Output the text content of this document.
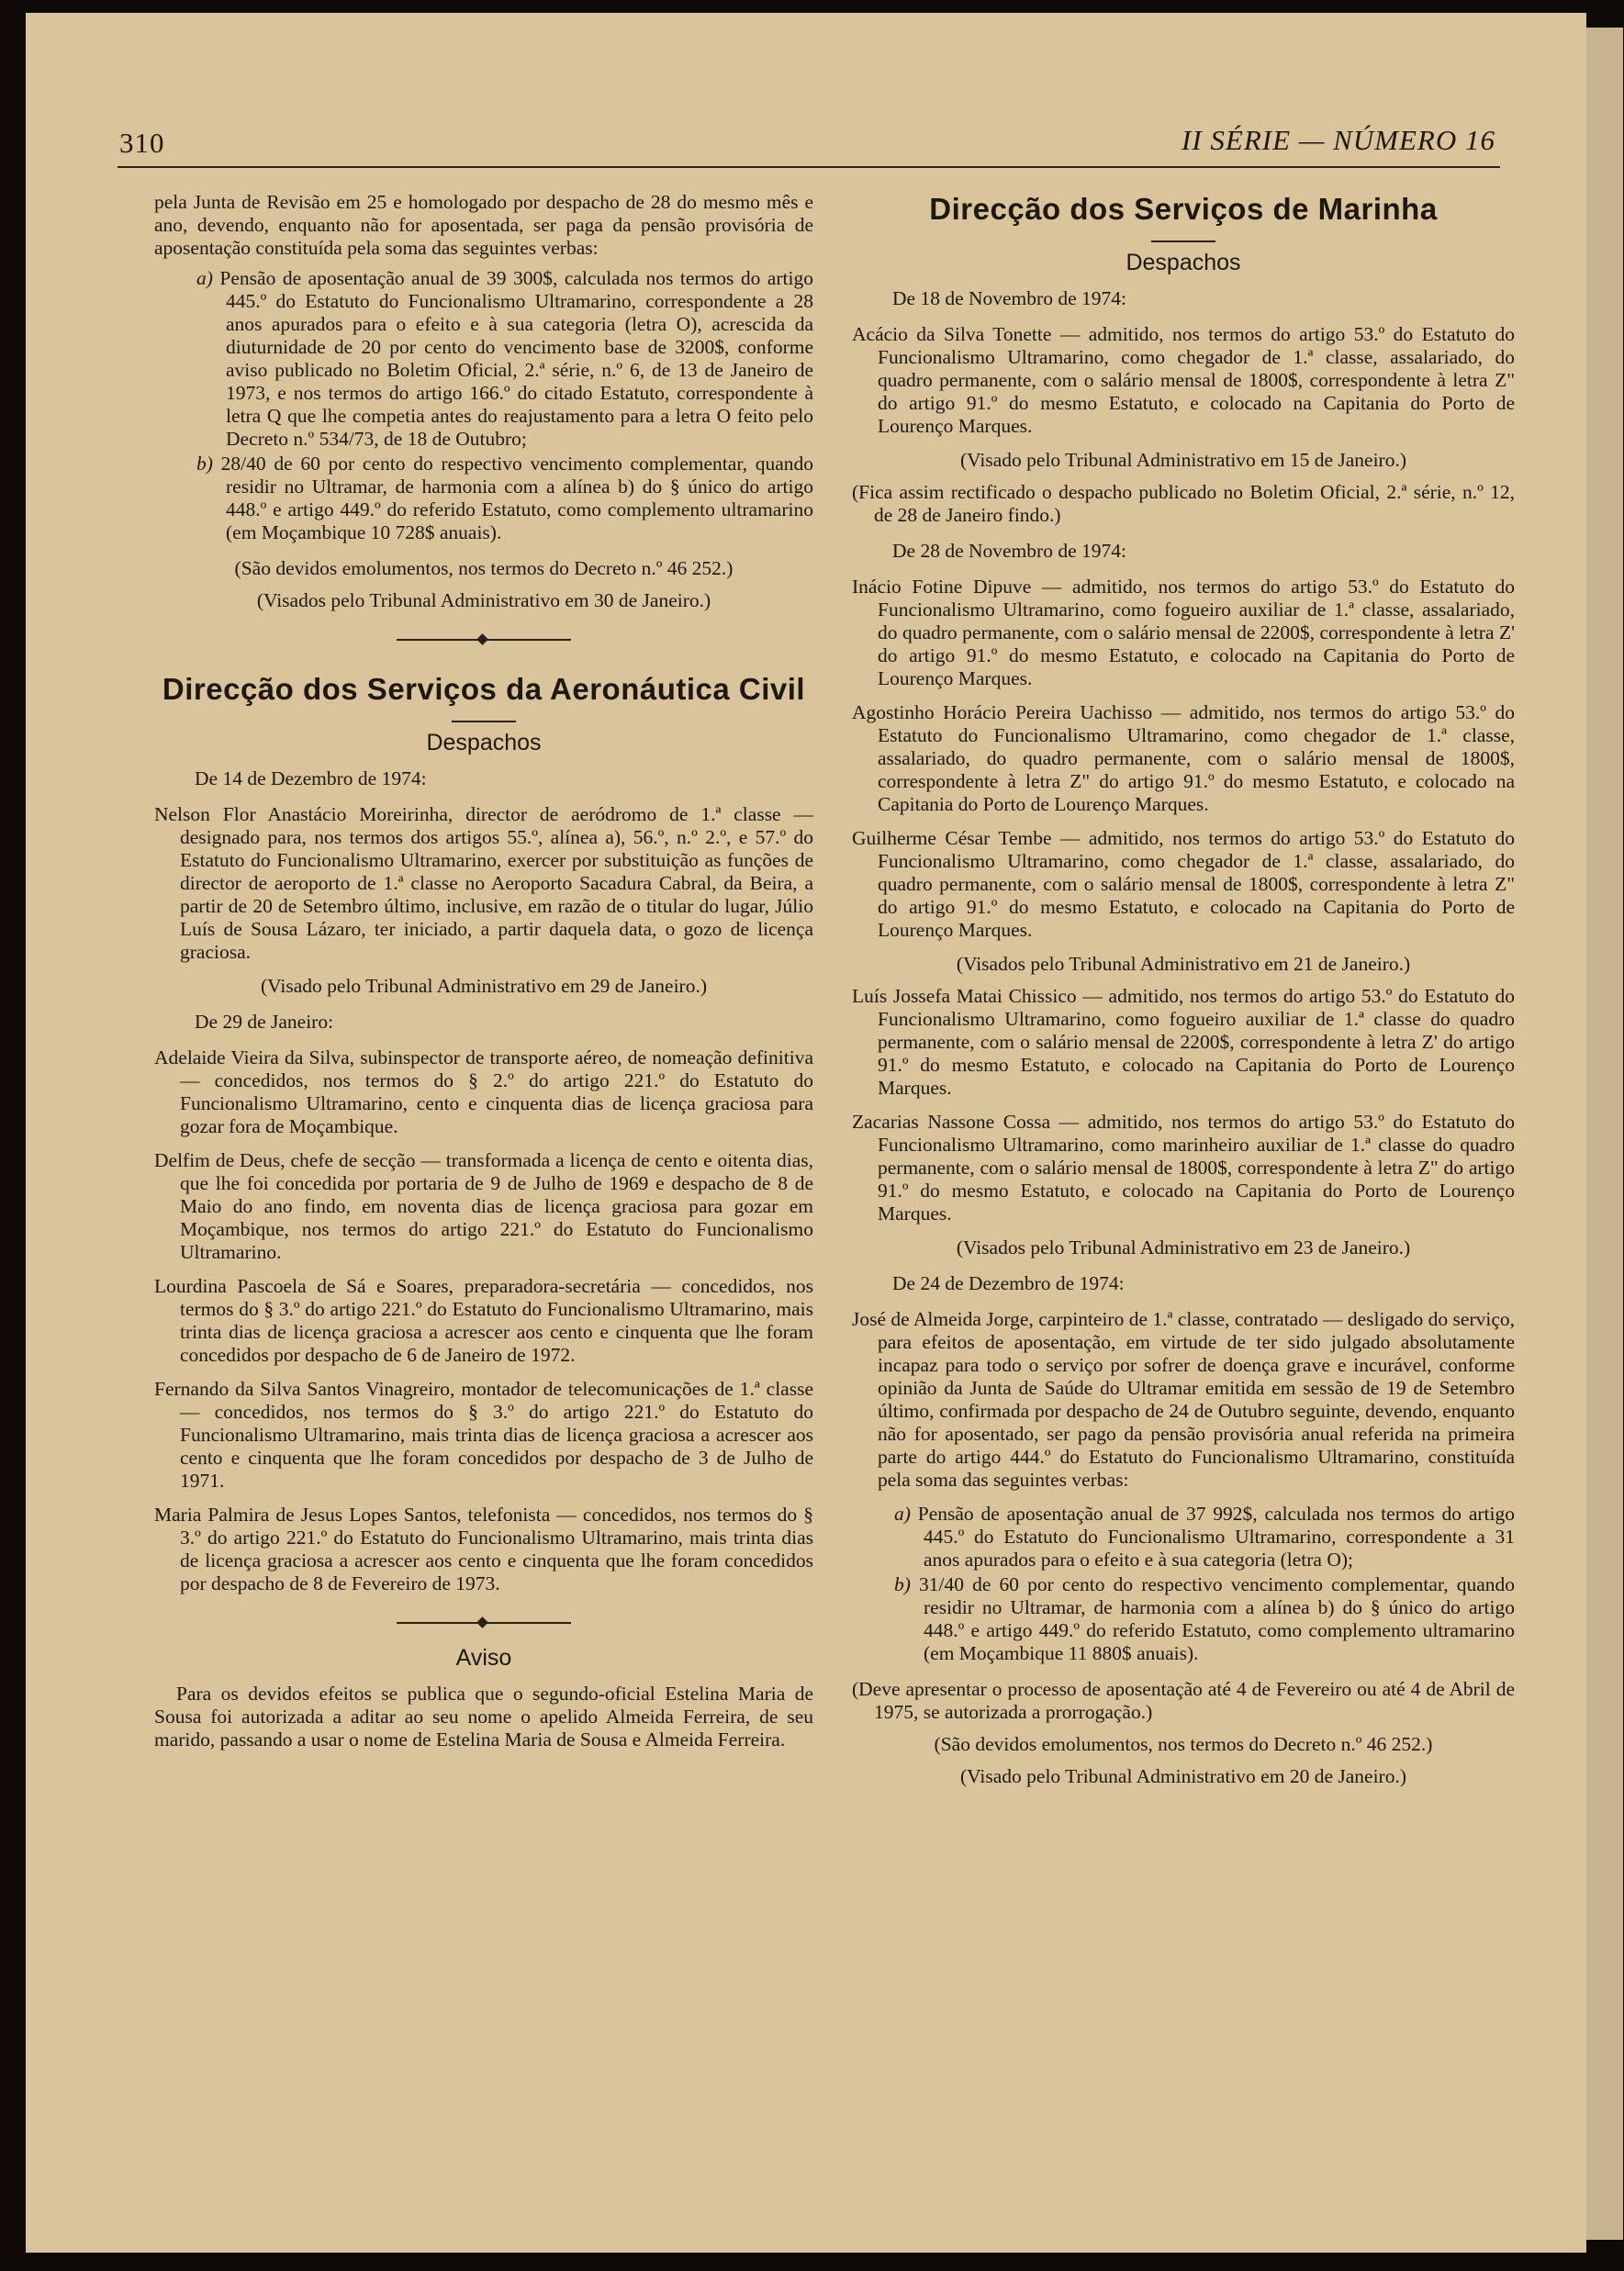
310	II SÉRIE — NÚMERO 16

pela Junta de Revisão em 25 e homologado por despacho de 28 do mesmo mês e ano, devendo, enquanto não for aposentada, ser paga da pensão provisória de aposentação constituída pela soma das seguintes verbas:

a) Pensão de aposentação anual de 39 300$, calculada nos termos do artigo 445.º do Estatuto do Funcionalismo Ultramarino, correspondente a 28 anos apurados para o efeito e à sua categoria (letra O), acrescida da diuturnidade de 20 por cento do vencimento base de 3200$, conforme aviso publicado no Boletim Oficial, 2.ª série, n.º 6, de 13 de Janeiro de 1973, e nos termos do artigo 166.º do citado Estatuto, correspondente à letra Q que lhe competia antes do reajustamento para a letra O feito pelo Decreto n.º 534/73, de 18 de Outubro;

b) 28/40 de 60 por cento do respectivo vencimento complementar, quando residir no Ultramar, de harmonia com a alínea b) do § único do artigo 448.º e artigo 449.º do referido Estatuto, como complemento ultramarino (em Moçambique 10 728$ anuais).

(São devidos emolumentos, nos termos do Decreto n.º 46 252.)

(Visados pelo Tribunal Administrativo em 30 de Janeiro.)

Direcção dos Serviços da Aeronáutica Civil
Despachos

De 14 de Dezembro de 1974:

Nelson Flor Anastácio Moreirinha, director de aeródromo de 1.ª classe — designado para, nos termos dos artigos 55.º, alínea a), 56.º, n.º 2.º, e 57.º do Estatuto do Funcionalismo Ultramarino, exercer por substituição as funções de director de aeroporto de 1.ª classe no Aeroporto Sacadura Cabral, da Beira, a partir de 20 de Setembro último, inclusive, em razão de o titular do lugar, Júlio Luís de Sousa Lázaro, ter iniciado, a partir daquela data, o gozo de licença graciosa.

(Visado pelo Tribunal Administrativo em 29 de Janeiro.)

De 29 de Janeiro:

Adelaide Vieira da Silva, subinspector de transporte aéreo, de nomeação definitiva — concedidos, nos termos do § 2.º do artigo 221.º do Estatuto do Funcionalismo Ultramarino, cento e cinquenta dias de licença graciosa para gozar fora de Moçambique.

Delfim de Deus, chefe de secção — transformada a licença de cento e oitenta dias, que lhe foi concedida por portaria de 9 de Julho de 1969 e despacho de 8 de Maio do ano findo, em noventa dias de licença graciosa para gozar em Moçambique, nos termos do artigo 221.º do Estatuto do Funcionalismo Ultramarino.

Lourdina Pascoela de Sá e Soares, preparadora-secretária — concedidos, nos termos do § 3.º do artigo 221.º do Estatuto do Funcionalismo Ultramarino, mais trinta dias de licença graciosa a acrescer aos cento e cinquenta que lhe foram concedidos por despacho de 6 de Janeiro de 1972.

Fernando da Silva Santos Vinagreiro, montador de telecomunicações de 1.ª classe — concedidos, nos termos do § 3.º do artigo 221.º do Estatuto do Funcionalismo Ultramarino, mais trinta dias de licença graciosa a acrescer aos cento e cinquenta que lhe foram concedidos por despacho de 3 de Julho de 1971.

Maria Palmira de Jesus Lopes Santos, telefonista — concedidos, nos termos do § 3.º do artigo 221.º do Estatuto do Funcionalismo Ultramarino, mais trinta dias de licença graciosa a acrescer aos cento e cinquenta que lhe foram concedidos por despacho de 8 de Fevereiro de 1973.

Aviso

Para os devidos efeitos se publica que o segundo-oficial Estelina Maria de Sousa foi autorizada a aditar ao seu nome o apelido Almeida Ferreira, de seu marido, passando a usar o nome de Estelina Maria de Sousa e Almeida Ferreira.

Direcção dos Serviços de Marinha
Despachos

De 18 de Novembro de 1974:

Acácio da Silva Tonette — admitido, nos termos do artigo 53.º do Estatuto do Funcionalismo Ultramarino, como chegador de 1.ª classe, assalariado, do quadro permanente, com o salário mensal de 1800$, correspondente à letra Z" do artigo 91.º do mesmo Estatuto, e colocado na Capitania do Porto de Lourenço Marques.

(Visado pelo Tribunal Administrativo em 15 de Janeiro.)

(Fica assim rectificado o despacho publicado no Boletim Oficial, 2.ª série, n.º 12, de 28 de Janeiro findo.)

De 28 de Novembro de 1974:

Inácio Fotine Dipuve — admitido, nos termos do artigo 53.º do Estatuto do Funcionalismo Ultramarino, como fogueiro auxiliar de 1.ª classe, assalariado, do quadro permanente, com o salário mensal de 2200$, correspondente à letra Z' do artigo 91.º do mesmo Estatuto, e colocado na Capitania do Porto de Lourenço Marques.

Agostinho Horácio Pereira Uachisso — admitido, nos termos do artigo 53.º do Estatuto do Funcionalismo Ultramarino, como chegador de 1.ª classe, assalariado, do quadro permanente, com o salário mensal de 1800$, correspondente à letra Z" do artigo 91.º do mesmo Estatuto, e colocado na Capitania do Porto de Lourenço Marques.

Guilherme César Tembe — admitido, nos termos do artigo 53.º do Estatuto do Funcionalismo Ultramarino, como chegador de 1.ª classe, assalariado, do quadro permanente, com o salário mensal de 1800$, correspondente à letra Z" do artigo 91.º do mesmo Estatuto, e colocado na Capitania do Porto de Lourenço Marques.

(Visados pelo Tribunal Administrativo em 21 de Janeiro.)

Luís Jossefa Matai Chissico — admitido, nos termos do artigo 53.º do Estatuto do Funcionalismo Ultramarino, como fogueiro auxiliar de 1.ª classe do quadro permanente, com o salário mensal de 2200$, correspondente à letra Z' do artigo 91.º do mesmo Estatuto, e colocado na Capitania do Porto de Lourenço Marques.

Zacarias Nassone Cossa — admitido, nos termos do artigo 53.º do Estatuto do Funcionalismo Ultramarino, como marinheiro auxiliar de 1.ª classe do quadro permanente, com o salário mensal de 1800$, correspondente à letra Z" do artigo 91.º do mesmo Estatuto, e colocado na Capitania do Porto de Lourenço Marques.

(Visados pelo Tribunal Administrativo em 23 de Janeiro.)

De 24 de Dezembro de 1974:

José de Almeida Jorge, carpinteiro de 1.ª classe, contratado — desligado do serviço, para efeitos de aposentação, em virtude de ter sido julgado absolutamente incapaz para todo o serviço por sofrer de doença grave e incurável, conforme opinião da Junta de Saúde do Ultramar emitida em sessão de 19 de Setembro último, confirmada por despacho de 24 de Outubro seguinte, devendo, enquanto não for aposentado, ser pago da pensão provisória anual referida na primeira parte do artigo 444.º do Estatuto do Funcionalismo Ultramarino, constituída pela soma das seguintes verbas:

a) Pensão de aposentação anual de 37 992$, calculada nos termos do artigo 445.º do Estatuto do Funcionalismo Ultramarino, correspondente a 31 anos apurados para o efeito e à sua categoria (letra O);

b) 31/40 de 60 por cento do respectivo vencimento complementar, quando residir no Ultramar, de harmonia com a alínea b) do § único do artigo 448.º e artigo 449.º do referido Estatuto, como complemento ultramarino (em Moçambique 11 880$ anuais).

(Deve apresentar o processo de aposentação até 4 de Fevereiro ou até 4 de Abril de 1975, se autorizada a prorrogação.)

(São devidos emolumentos, nos termos do Decreto n.º 46 252.)

(Visado pelo Tribunal Administrativo em 20 de Janeiro.)
